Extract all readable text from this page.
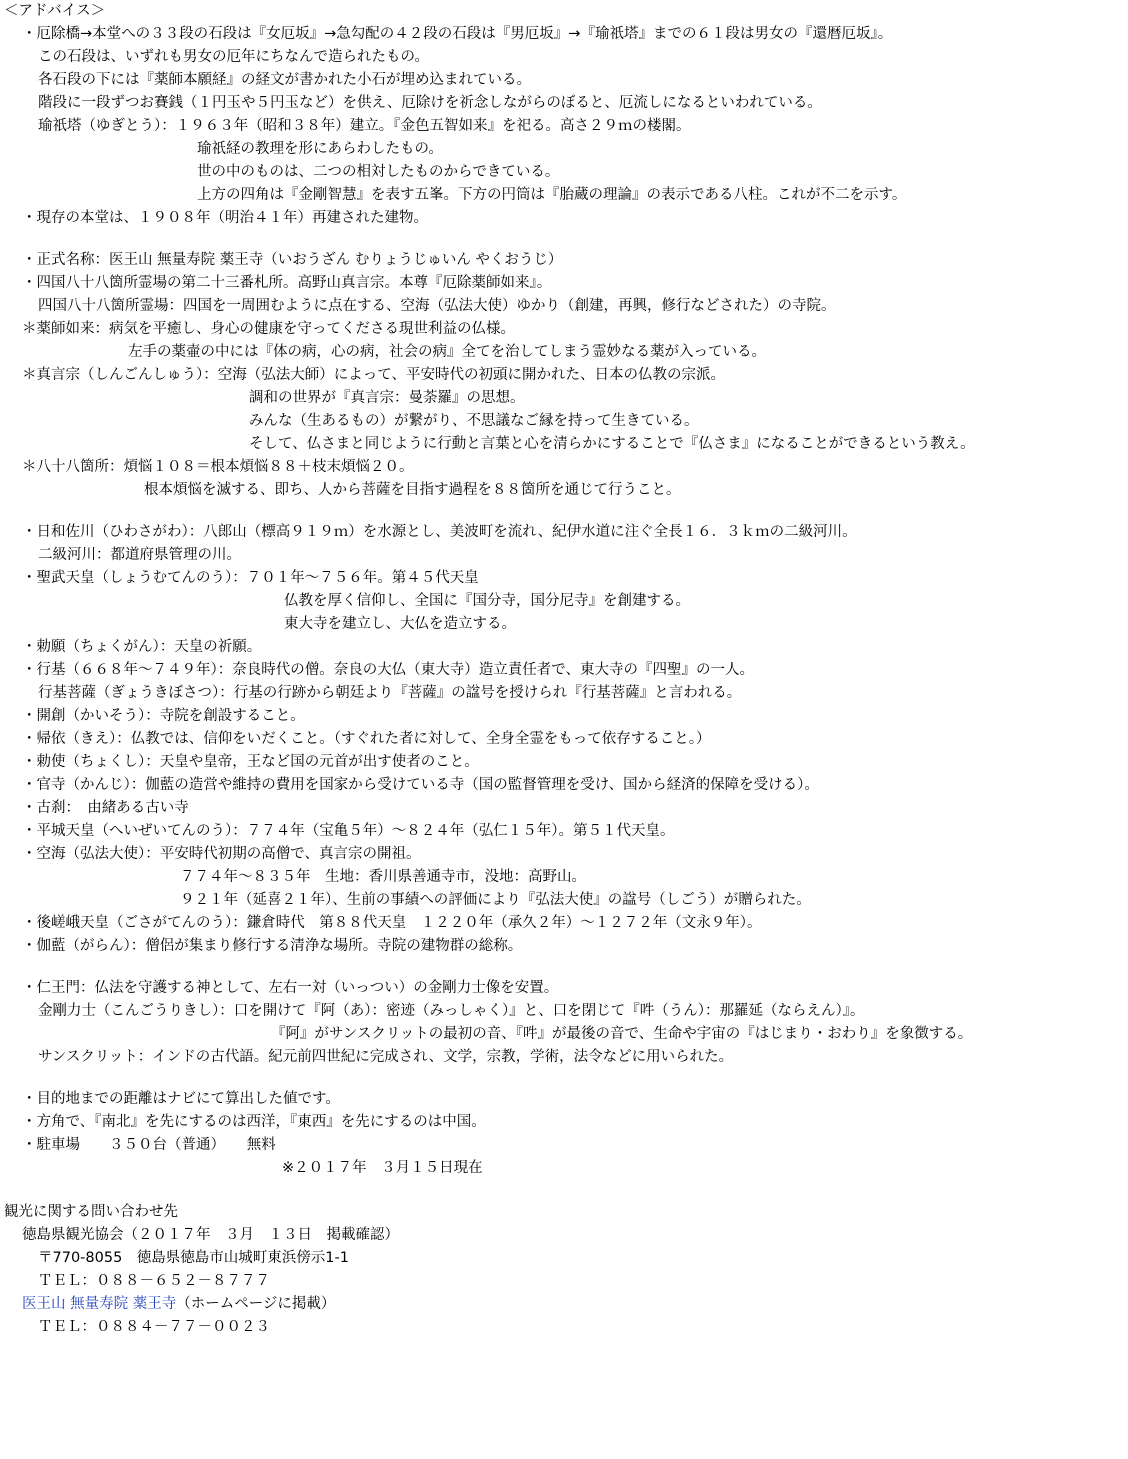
＜アドバイス＞
・厄除橋→本堂への３３段の石段は『女厄坂』→急勾配の４２段の石段は『男厄坂』→『瑜祇塔』までの６１段は男女の『還暦厄坂』。
この石段は、いずれも男女の厄年にちなんで造られたもの。
各石段の下には『薬師本願経』の経文が書かれた小石が埋め込まれている。
階段に一段ずつお賽銭（１円玉や５円玉など）を供え、厄除けを祈念しながらのぼると、厄流しになるといわれている。
瑜祇塔（ゆぎとう）：１９６３年（昭和３８年）建立。『金色五智如来』を祀る。高さ２９ｍの楼閣。
瑜祇経の教理を形にあらわしたもの。
世の中のものは、二つの相対したものからできている。
上方の四角は『金剛智慧』を表す五峯。下方の円筒は『胎蔵の理論』の表示である八柱。これが不二を示す。
・現存の本堂は、１９０８年（明治４１年）再建された建物。
・正式名称：医王山 無量寿院 薬王寺（いおうざん むりょうじゅいん やくおうじ）
・四国八十八箇所霊場の第二十三番札所。高野山真言宗。本尊『厄除薬師如来』。
四国八十八箇所霊場：四国を一周囲むように点在する、空海（弘法大使）ゆかり（創建，再興，修行などされた）の寺院。
＊薬師如来：病気を平癒し、身心の健康を守ってくださる現世利益の仏様。
左手の薬壷の中には『体の病，心の病，社会の病』全てを治してしまう霊妙なる薬が入っている。
＊真言宗（しんごんしゅう）：空海（弘法大師）によって、平安時代の初頭に開かれた、日本の仏教の宗派。
調和の世界が『真言宗：曼荼羅』の思想。
みんな（生あるもの）が繋がり、不思議なご縁を持って生きている。
そして、仏さまと同じように行動と言葉と心を清らかにすることで『仏さま』になることができるという教え。
＊八十八箇所：煩悩１０８＝根本煩悩８８＋枝末煩悩２０。
根本煩悩を滅する、即ち、人から菩薩を目指す過程を８８箇所を通じて行うこと。
・日和佐川（ひわさがわ）：八郎山（標高９１９ｍ）を水源とし、美波町を流れ、紀伊水道に注ぐ全長１６．３ｋｍの二級河川。
二級河川：都道府県管理の川。
・聖武天皇（しょうむてんのう）：７０１年～７５６年。第４５代天皇
仏教を厚く信仰し、全国に『国分寺，国分尼寺』を創建する。
東大寺を建立し、大仏を造立する。
・勅願（ちょくがん）：天皇の祈願。
・行基（６６８年～７４９年）：奈良時代の僧。奈良の大仏（東大寺）造立責任者で、東大寺の『四聖』の一人。
行基菩薩（ぎょうきぼさつ）：行基の行跡から朝廷より『菩薩』の諡号を授けられ『行基菩薩』と言われる。
・開創（かいそう）：寺院を創設すること。
・帰依（きえ）：仏教では、信仰をいだくこと。（すぐれた者に対して、全身全霊をもって依存すること。）
・勅使（ちょくし）：天皇や皇帝，王など国の元首が出す使者のこと。
・官寺（かんじ）：伽藍の造営や維持の費用を国家から受けている寺（国の監督管理を受け、国から経済的保障を受ける）。
・古刹：　由緒ある古い寺
・平城天皇（へいぜいてんのう）：７７４年（宝亀５年）～８２４年（弘仁１５年）。第５１代天皇。
・空海（弘法大使）：平安時代初期の高僧で、真言宗の開祖。
７７４年～８３５年　生地：香川県善通寺市，没地：高野山。
９２１年（延喜２１年）、生前の事績への評価により『弘法大使』の諡号（しごう）が贈られた。
・後嵯峨天皇（ごさがてんのう）：鎌倉時代　第８８代天皇　１２２０年（承久２年）～１２７２年（文永９年）。
・伽藍（がらん）：僧侶が集まり修行する清浄な場所。寺院の建物群の総称。
・仁王門：仏法を守護する神として、左右一対（いっつい）の金剛力士像を安置。
金剛力士（こんごうりきし）：口を開けて『阿（あ）：密迹（みっしゃく）』と、口を閉じて『吽（うん）：那羅延（ならえん）』。
『阿』がサンスクリットの最初の音、『吽』が最後の音で、生命や宇宙の『はじまり・おわり』を象徴する。
サンスクリット：インドの古代語。紀元前四世紀に完成され、文学，宗教，学術，法令などに用いられた。
・目的地までの距離はナビにて算出した値です。
・方角で、『南北』を先にするのは西洋，『東西』を先にするのは中国。
・駐車場　　３５０台（普通）　　無料
※２０１７年　３月１５日現在
観光に関する問い合わせ先
徳島県観光協会（２０１７年　３月　１３日　掲載確認）
〒770-8055　徳島県徳島市山城町東浜傍示1-1
ＴＥＬ：０８８－６５２－８７７７
医王山 無量寿院 薬王寺（ホームページに掲載）
ＴＥＬ：０８８４－７７－００２３
